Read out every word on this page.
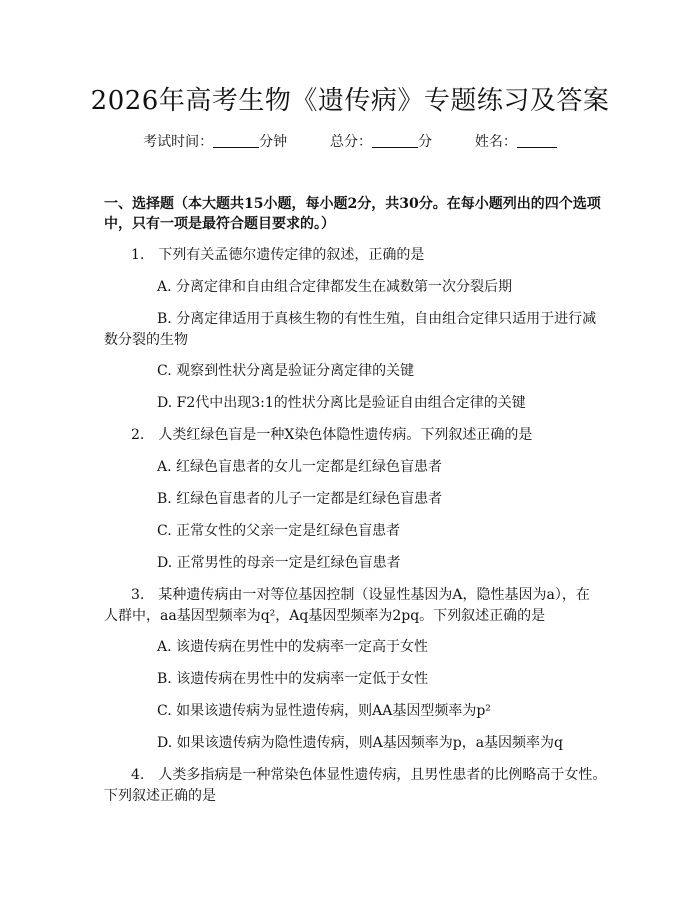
2026年高考生物《遗传病》专题练习及答案
考试时间：	分钟	总分：	分	姓名：
一、选择题（本大题共15小题，每小题2分，共30分。在每小题列出的四个选项
中，只有一项是最符合题目要求的。）
1.　下列有关孟德尔遗传定律的叙述，正确的是
A. 分离定律和自由组合定律都发生在减数第一次分裂后期
B. 分离定律适用于真核生物的有性生殖，自由组合定律只适用于进行减
数分裂的生物
C. 观察到性状分离是验证分离定律的关键
D. F2代中出现3:1的性状分离比是验证自由组合定律的关键
2.　人类红绿色盲是一种X染色体隐性遗传病。下列叙述正确的是
A. 红绿色盲患者的女儿一定都是红绿色盲患者
B. 红绿色盲患者的儿子一定都是红绿色盲患者
C. 正常女性的父亲一定是红绿色盲患者
D. 正常男性的母亲一定是红绿色盲患者
3.　某种遗传病由一对等位基因控制（设显性基因为A，隐性基因为a），在
人群中，aa基因型频率为q²，Aq基因型频率为2pq。下列叙述正确的是
A. 该遗传病在男性中的发病率一定高于女性
B. 该遗传病在男性中的发病率一定低于女性
C. 如果该遗传病为显性遗传病，则AA基因型频率为p²
D. 如果该遗传病为隐性遗传病，则A基因频率为p，a基因频率为q
4.　人类多指病是一种常染色体显性遗传病，且男性患者的比例略高于女性。
下列叙述正确的是
